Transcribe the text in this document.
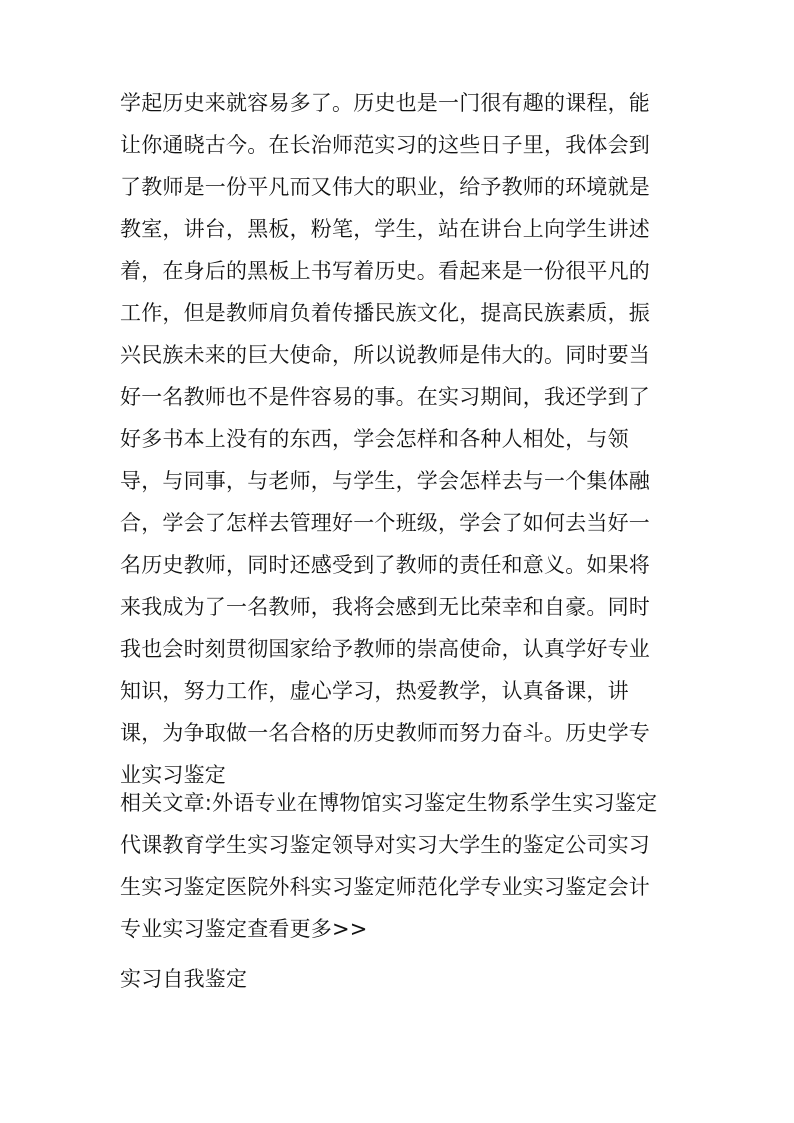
学起历史来就容易多了。历史也是一门很有趣的课程，能
让你通晓古今。在长治师范实习的这些日子里，我体会到
了教师是一份平凡而又伟大的职业，给予教师的环境就是
教室，讲台，黑板，粉笔，学生，站在讲台上向学生讲述
着，在身后的黑板上书写着历史。看起来是一份很平凡的
工作，但是教师肩负着传播民族文化，提高民族素质，振
兴民族未来的巨大使命，所以说教师是伟大的。同时要当
好一名教师也不是件容易的事。在实习期间，我还学到了
好多书本上没有的东西，学会怎样和各种人相处，与领
导，与同事，与老师，与学生，学会怎样去与一个集体融
合，学会了怎样去管理好一个班级，学会了如何去当好一
名历史教师，同时还感受到了教师的责任和意义。如果将
来我成为了一名教师，我将会感到无比荣幸和自豪。同时
我也会时刻贯彻国家给予教师的崇高使命，认真学好专业
知识，努力工作，虚心学习，热爱教学，认真备课，讲
课，为争取做一名合格的历史教师而努力奋斗。历史学专
业实习鉴定
相关文章:外语专业在博物馆实习鉴定生物系学生实习鉴定
代课教育学生实习鉴定领导对实习大学生的鉴定公司实习
生实习鉴定医院外科实习鉴定师范化学专业实习鉴定会计
专业实习鉴定查看更多>>
实习自我鉴定
